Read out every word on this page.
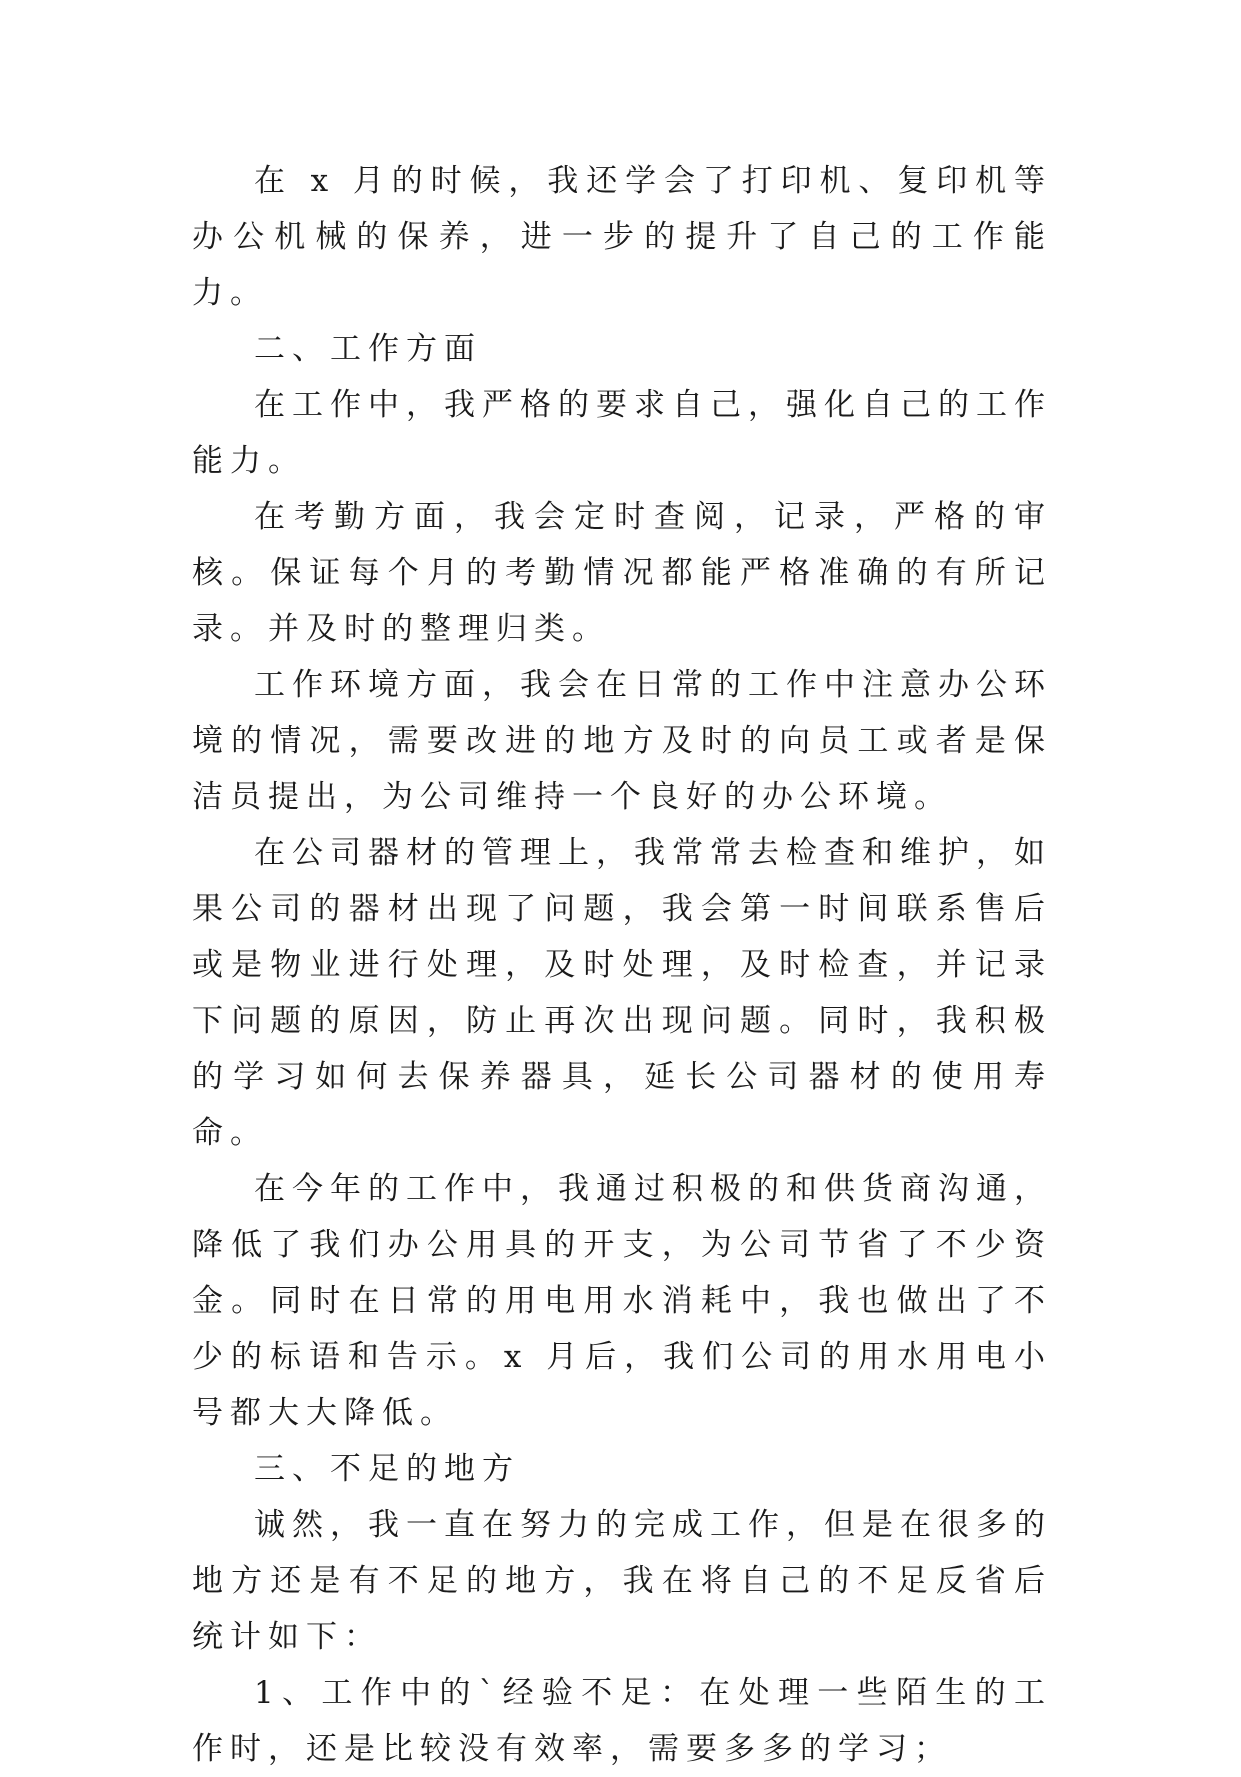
在 x 月的时候，我还学会了打印机、复印机等办公机械的保养，进一步的提升了自己的工作能力。

二、工作方面

在工作中，我严格的要求自己，强化自己的工作能力。

在考勤方面，我会定时查阅，记录，严格的审核。保证每个月的考勤情况都能严格准确的有所记录。并及时的整理归类。

工作环境方面，我会在日常的工作中注意办公环境的情况，需要改进的地方及时的向员工或者是保洁员提出，为公司维持一个良好的办公环境。

在公司器材的管理上，我常常去检查和维护，如果公司的器材出现了问题，我会第一时间联系售后或是物业进行处理，及时处理，及时检查，并记录下问题的原因，防止再次出现问题。同时，我积极的学习如何去保养器具，延长公司器材的使用寿命。

在今年的工作中，我通过积极的和供货商沟通，降低了我们办公用具的开支，为公司节省了不少资金。同时在日常的用电用水消耗中，我也做出了不少的标语和告示。x 月后，我们公司的用水用电小号都大大降低。

三、不足的地方

诚然，我一直在努力的完成工作，但是在很多的地方还是有不足的地方，我在将自己的不足反省后统计如下：

1、工作中的`经验不足：在处理一些陌生的工作时，还是比较没有效率，需要多多的学习；
